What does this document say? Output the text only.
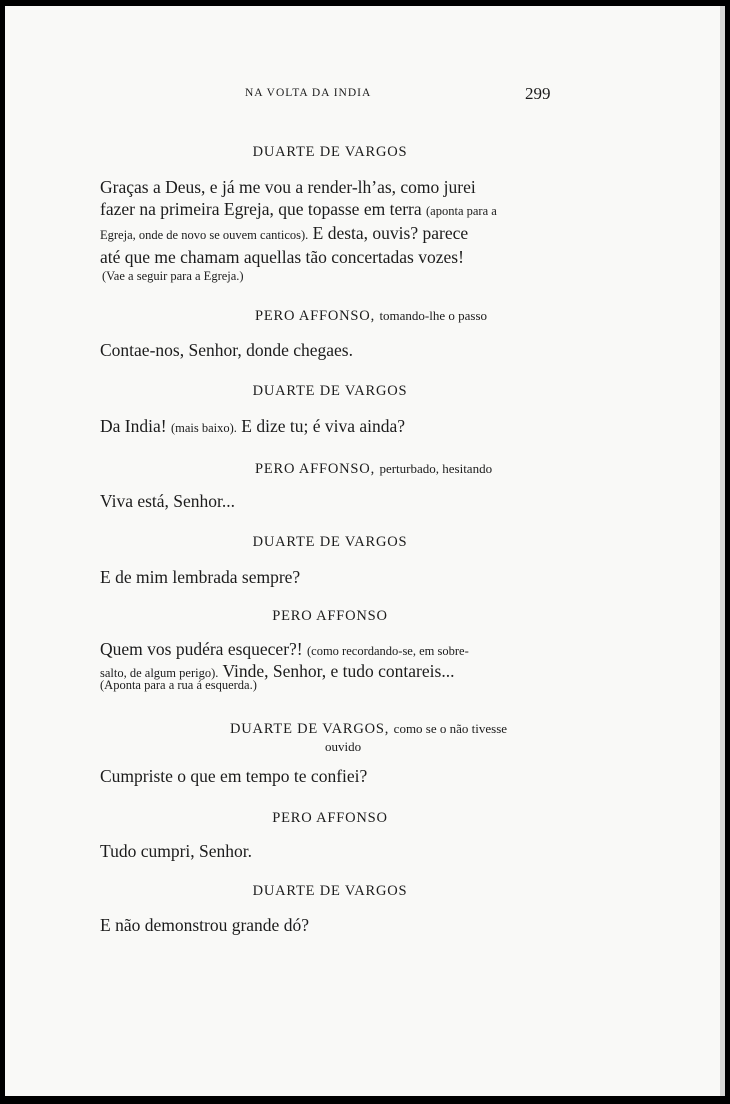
NA VOLTA DA INDIA	299
DUARTE DE VARGOS
Graças a Deus, e já me vou a render-lh’as, como jurei
fazer na primeira Egreja, que topasse em terra (aponta para a
Egreja, onde de novo se ouvem canticos). E desta, ouvis? parece
até que me chamam aquellas tão concertadas vozes!
(Vae a seguir para a Egreja.)
PERO AFFONSO, tomando-lhe o passo
Contae-nos, Senhor, donde chegaes.
DUARTE DE VARGOS
Da India! (mais baixo). E dize tu; é viva ainda?
PERO AFFONSO, perturbado, hesitando
Viva está, Senhor...
DUARTE DE VARGOS
E de mim lembrada sempre?
PERO AFFONSO
Quem vos pudéra esquecer?! (como recordando-se, em sobre-
salto, de algum perigo). Vinde, Senhor, e tudo contareis...
(Aponta para a rua á esquerda.)
DUARTE DE VARGOS, como se o não tivesse
ouvido
Cumpriste o que em tempo te confiei?
PERO AFFONSO
Tudo cumpri, Senhor.
DUARTE DE VARGOS
E não demonstrou grande dó?
